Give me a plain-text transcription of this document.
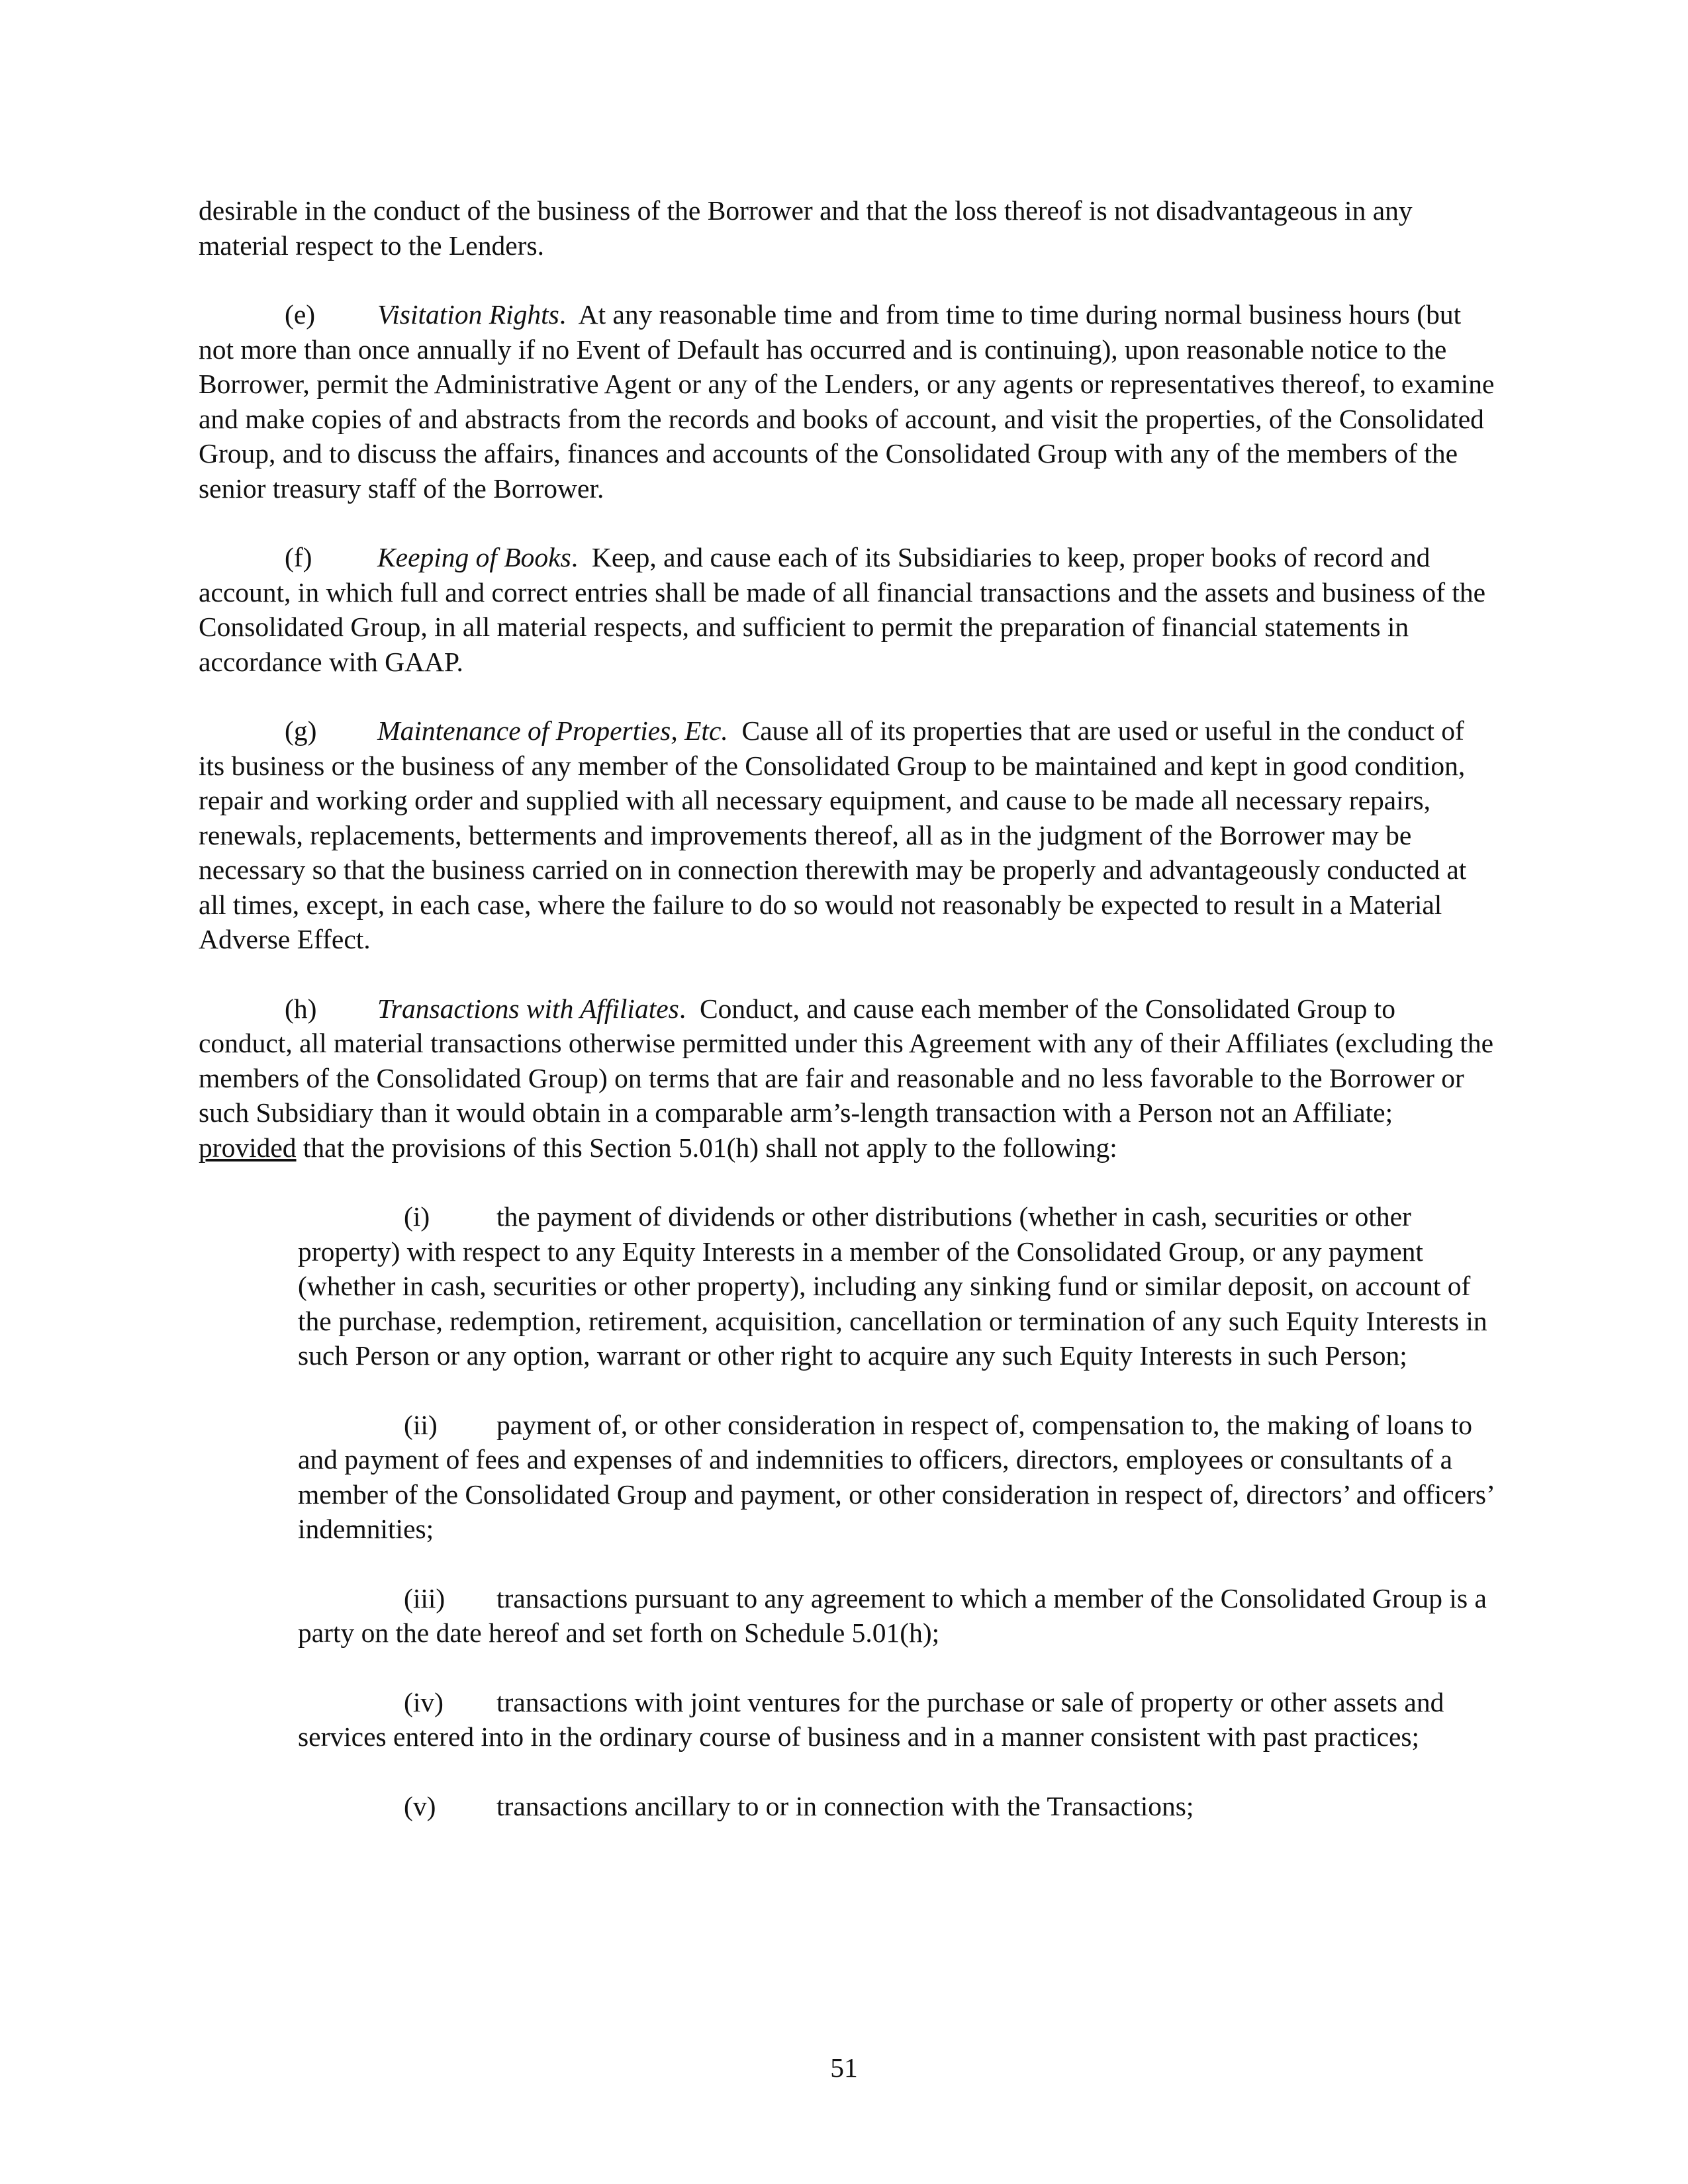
desirable in the conduct of the business of the Borrower and that the loss thereof is not disadvantageous in any material respect to the Lenders.

(e) Visitation Rights. At any reasonable time and from time to time during normal business hours (but not more than once annually if no Event of Default has occurred and is continuing), upon reasonable notice to the Borrower, permit the Administrative Agent or any of the Lenders, or any agents or representatives thereof, to examine and make copies of and abstracts from the records and books of account, and visit the properties, of the Consolidated Group, and to discuss the affairs, finances and accounts of the Consolidated Group with any of the members of the senior treasury staff of the Borrower.

(f) Keeping of Books. Keep, and cause each of its Subsidiaries to keep, proper books of record and account, in which full and correct entries shall be made of all financial transactions and the assets and business of the Consolidated Group, in all material respects, and sufficient to permit the preparation of financial statements in accordance with GAAP.

(g) Maintenance of Properties, Etc. Cause all of its properties that are used or useful in the conduct of its business or the business of any member of the Consolidated Group to be maintained and kept in good condition, repair and working order and supplied with all necessary equipment, and cause to be made all necessary repairs, renewals, replacements, betterments and improvements thereof, all as in the judgment of the Borrower may be necessary so that the business carried on in connection therewith may be properly and advantageously conducted at all times, except, in each case, where the failure to do so would not reasonably be expected to result in a Material Adverse Effect.

(h) Transactions with Affiliates. Conduct, and cause each member of the Consolidated Group to conduct, all material transactions otherwise permitted under this Agreement with any of their Affiliates (excluding the members of the Consolidated Group) on terms that are fair and reasonable and no less favorable to the Borrower or such Subsidiary than it would obtain in a comparable arm’s-length transaction with a Person not an Affiliate; provided that the provisions of this Section 5.01(h) shall not apply to the following:

(i) the payment of dividends or other distributions (whether in cash, securities or other property) with respect to any Equity Interests in a member of the Consolidated Group, or any payment (whether in cash, securities or other property), including any sinking fund or similar deposit, on account of the purchase, redemption, retirement, acquisition, cancellation or termination of any such Equity Interests in such Person or any option, warrant or other right to acquire any such Equity Interests in such Person;

(ii) payment of, or other consideration in respect of, compensation to, the making of loans to and payment of fees and expenses of and indemnities to officers, directors, employees or consultants of a member of the Consolidated Group and payment, or other consideration in respect of, directors’ and officers’ indemnities;

(iii) transactions pursuant to any agreement to which a member of the Consolidated Group is a party on the date hereof and set forth on Schedule 5.01(h);

(iv) transactions with joint ventures for the purchase or sale of property or other assets and services entered into in the ordinary course of business and in a manner consistent with past practices;

(v) transactions ancillary to or in connection with the Transactions;

51
